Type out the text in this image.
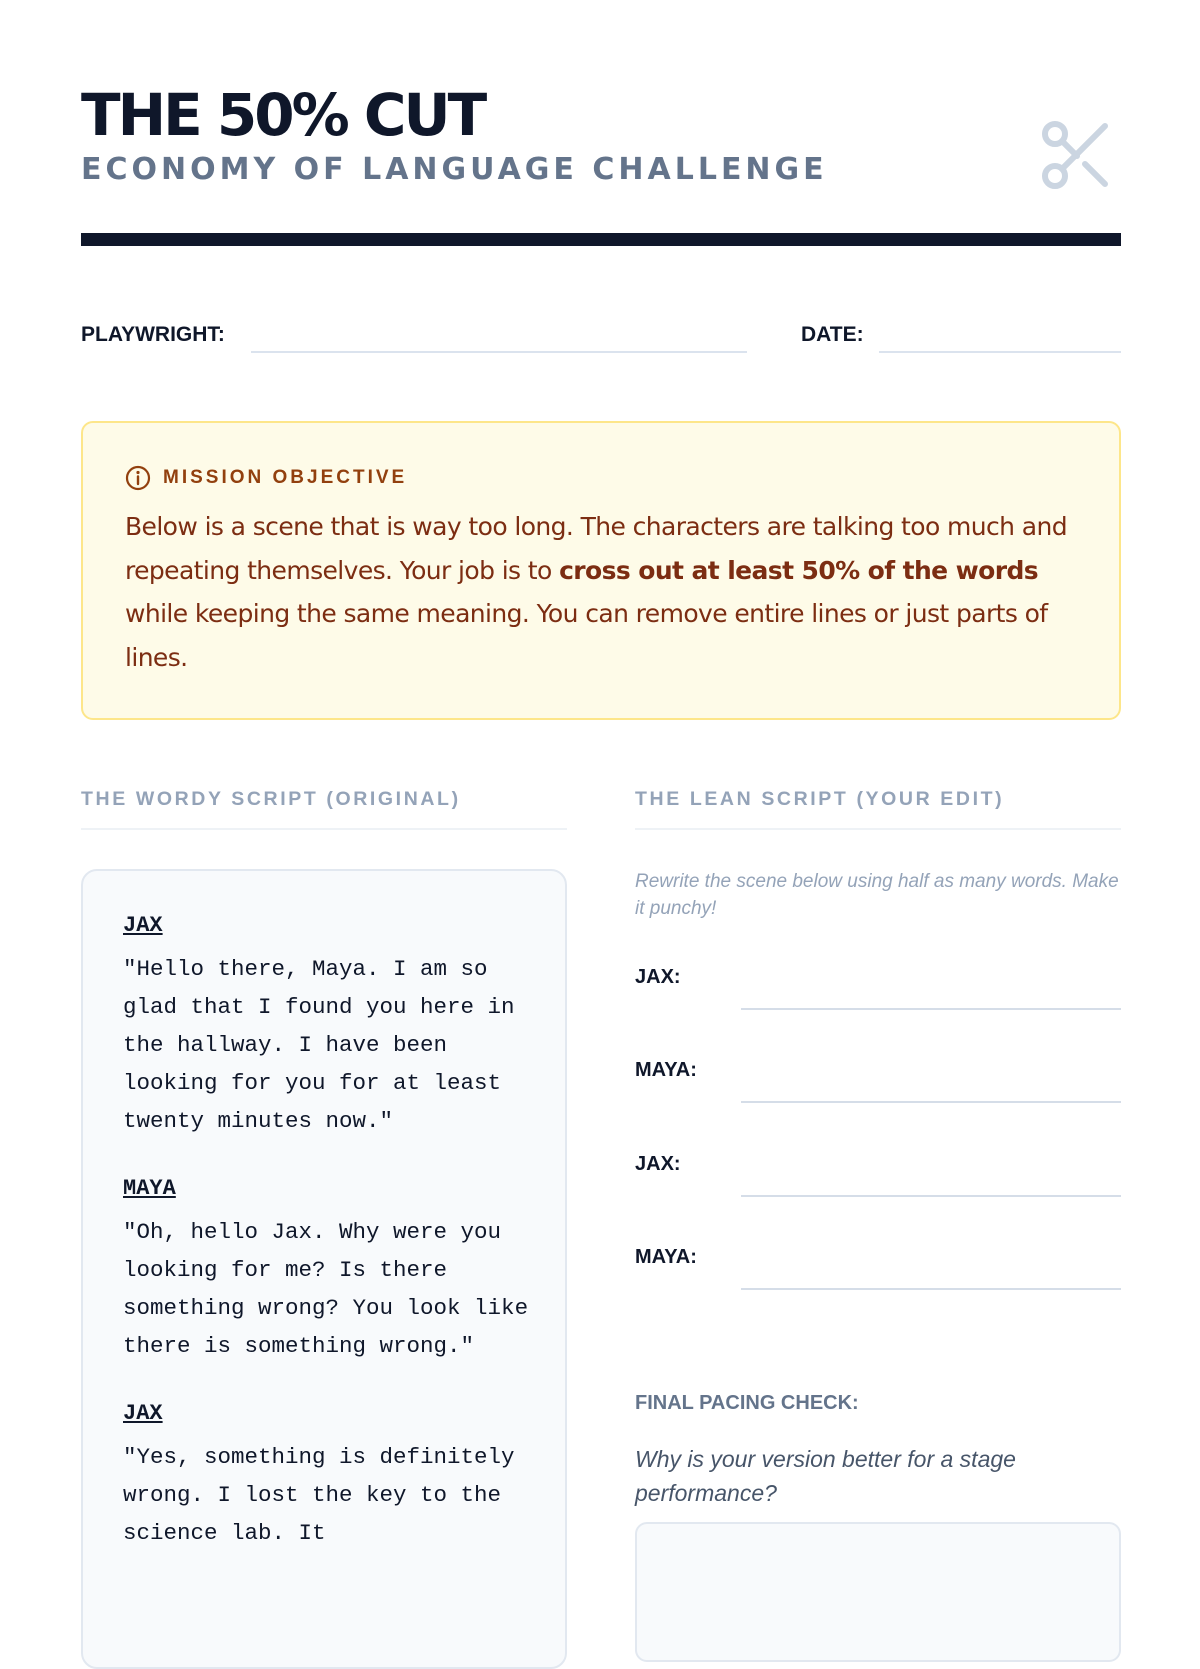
THE 50% CUT
ECONOMY OF LANGUAGE CHALLENGE
PLAYWRIGHT:	DATE:
MISSION OBJECTIVE

Below is a scene that is way too long. The characters are talking too much and repeating themselves. Your job is to cross out at least 50% of the words while keeping the same meaning. You can remove entire lines or just parts of lines.

THE WORDY SCRIPT (ORIGINAL)	THE LEAN SCRIPT (YOUR EDIT)
JAX
"Hello there, Maya. I am so glad that I found you here in the hallway. I have been looking for you for at least twenty minutes now."
MAYA
"Oh, hello Jax. Why were you looking for me? Is there something wrong? You look like there is something wrong."
JAX
"Yes, something is definitely wrong. I lost the key to the science lab. It

Rewrite the scene below using half as many words. Make it punchy!

JAX:
MAYA:
JAX:
MAYA:
FINAL PACING CHECK:

Why is your version better for a stage performance?
